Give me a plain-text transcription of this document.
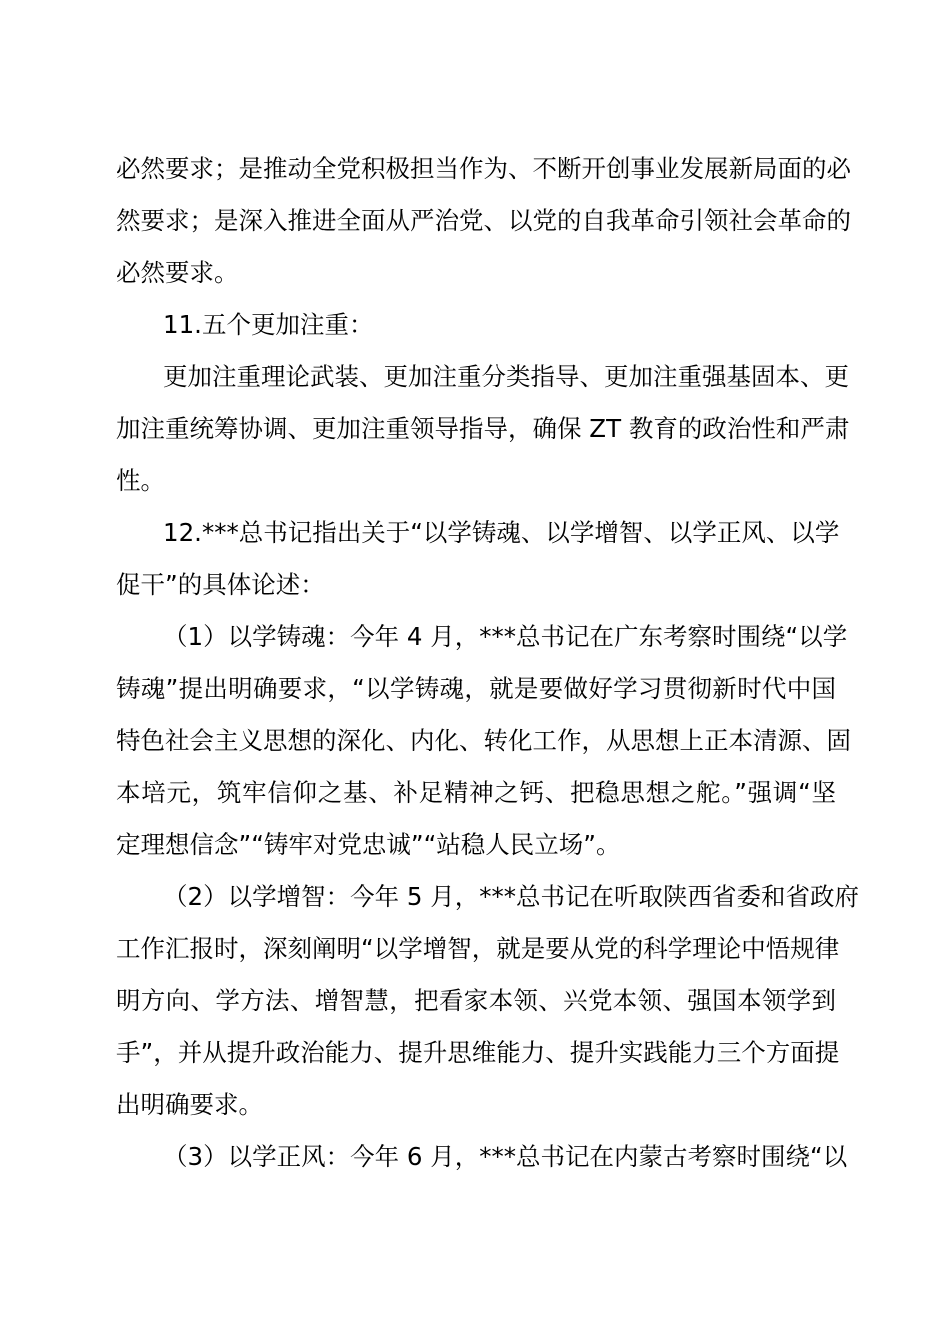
必然要求；是推动全党积极担当作为、不断开创事业发展新局面的必
然要求；是深入推进全面从严治党、以党的自我革命引领社会革命的
必然要求。
11.五个更加注重：
更加注重理论武装、更加注重分类指导、更加注重强基固本、更
加注重统筹协调、更加注重领导指导，确保 ZT 教育的政治性和严肃
性。
12.***总书记指出关于“以学铸魂、以学增智、以学正风、以学
促干”的具体论述：
（1）以学铸魂：今年 4 月，***总书记在广东考察时围绕“以学
铸魂”提出明确要求，“以学铸魂，就是要做好学习贯彻新时代中国
特色社会主义思想的深化、内化、转化工作，从思想上正本清源、固
本培元，筑牢信仰之基、补足精神之钙、把稳思想之舵。”强调“坚
定理想信念”“铸牢对党忠诚”“站稳人民立场”。
（2）以学增智：今年 5 月，***总书记在听取陕西省委和省政府
工作汇报时，深刻阐明“以学增智，就是要从党的科学理论中悟规律
明方向、学方法、增智慧，把看家本领、兴党本领、强国本领学到
手”，并从提升政治能力、提升思维能力、提升实践能力三个方面提
出明确要求。
（3）以学正风：今年 6 月，***总书记在内蒙古考察时围绕“以
